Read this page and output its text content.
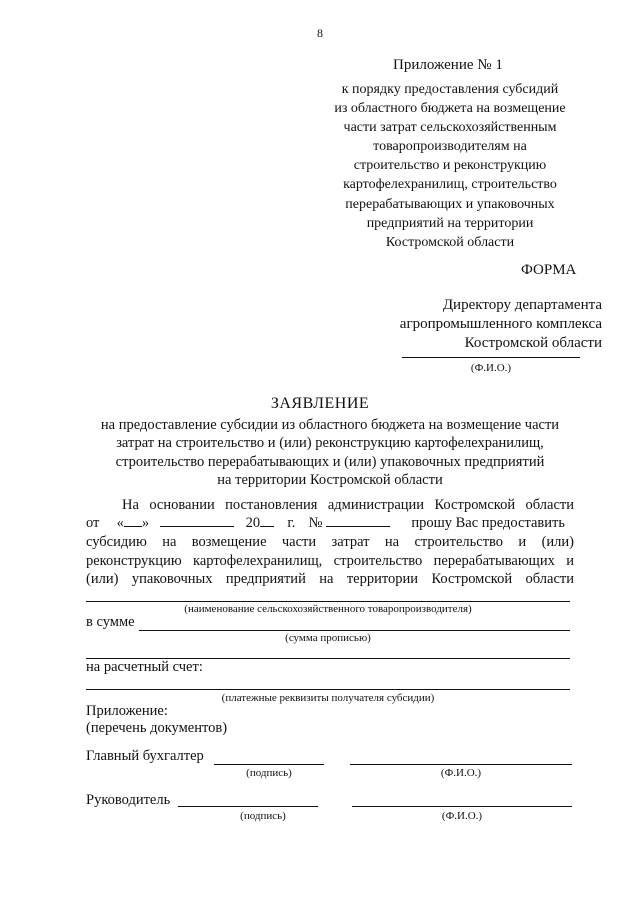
8
Приложение № 1
к порядку предоставления субсидий
из областного бюджета на возмещение
части затрат сельскохозяйственным
товаропроизводителям на
строительство и реконструкцию
картофелехранилищ, строительство
перерабатывающих и упаковочных
предприятий на территории
Костромской области
ФОРМА
Директору департамента
агропромышленного комплекса
Костромской области
(Ф.И.О.)
ЗАЯВЛЕНИЕ
на предоставление субсидии из областного бюджета на возмещение части
затрат на строительство и (или) реконструкцию картофелехранилищ,
строительство перерабатывающих и (или) упаковочных предприятий
на территории Костромской области
На основании постановления администрации Костромской области
от « »	20 г. №	прошу Вас предоставить
субсидию на возмещение части затрат на строительство и (или)
реконструкцию картофелехранилищ, строительство перерабатывающих и
(или) упаковочных предприятий на территории Костромской области
(наименование сельскохозяйственного товаропроизводителя)
в сумме
(сумма прописью)
на расчетный счет:
(платежные реквизиты получателя субсидии)
Приложение:
(перечень документов)
Главный бухгалтер
(подпись)	(Ф.И.О.)
Руководитель
(подпись)	(Ф.И.О.)
